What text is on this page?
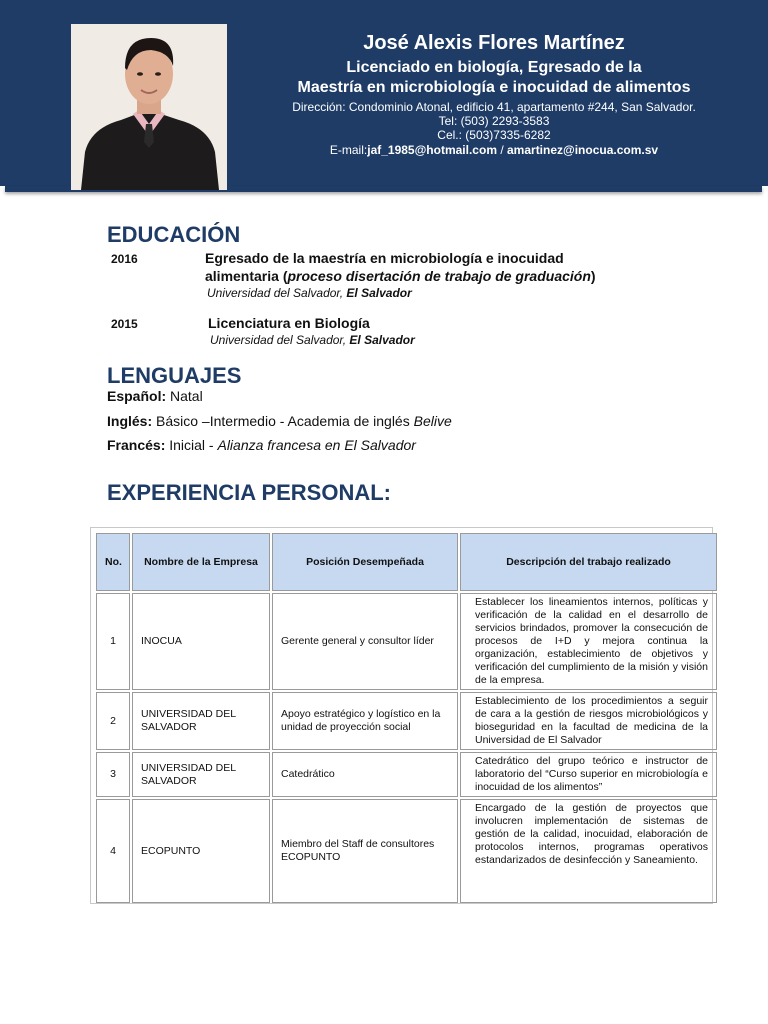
José Alexis Flores Martínez
Licenciado en biología, Egresado de la
Maestría en microbiología e inocuidad de alimentos
Dirección: Condominio Atonal, edificio 41, apartamento #244, San Salvador.
Tel: (503) 2293-3583
Cel.: (503)7335-6282
E-mail:jaf_1985@hotmail.com / amartinez@inocua.com.sv
EDUCACIÓN
2016	Egresado de la maestría en microbiología e inocuidad
alimentaria (proceso disertación de trabajo de graduación)
Universidad del Salvador, El Salvador
2015	Licenciatura en Biología
Universidad del Salvador, El Salvador
LENGUAJES
Español: Natal
Inglés: Básico –Intermedio - Academia de inglés Belive
Francés: Inicial - Alianza francesa en El Salvador
EXPERIENCIA PERSONAL:
No.	Nombre de la Empresa	Posición Desempeñada	Descripción del trabajo realizado
1	INOCUA	Gerente general y consultor líder	Establecer los lineamientos internos, políticas y verificación de la calidad en el desarrollo de servicios brindados, promover la consecución de procesos de I+D y mejora continua la organización, establecimiento de objetivos y verificación del cumplimiento de la misión y visión de la empresa.
2	UNIVERSIDAD DEL SALVADOR	Apoyo estratégico y logístico en la unidad de proyección social	Establecimiento de los procedimientos a seguir de cara a la gestión de riesgos microbiológicos y bioseguridad en la facultad de medicina de la Universidad de El Salvador
3	UNIVERSIDAD DEL SALVADOR	Catedrático	Catedrático del grupo teórico e instructor de laboratorio del “Curso superior en microbiología e inocuidad de los alimentos”
4	ECOPUNTO	Miembro del Staff de consultores ECOPUNTO	Encargado de la gestión de proyectos que involucren implementación de sistemas de gestión de la calidad, inocuidad, elaboración de protocolos internos, programas operativos estandarizados de desinfección y Saneamiento.
